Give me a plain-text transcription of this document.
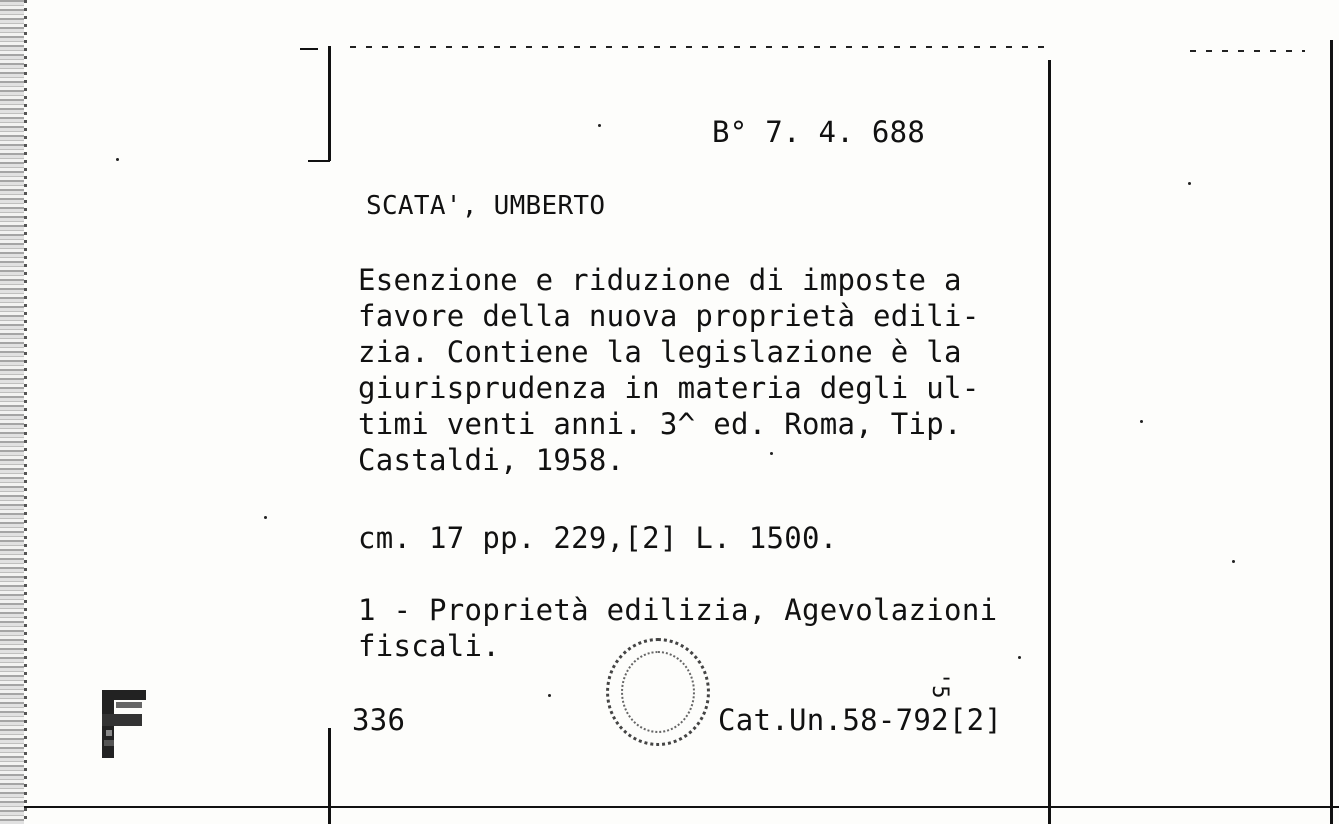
B° 7. 4. 688
SCATA', UMBERTO
Esenzione e riduzione di imposte a
favore della nuova proprietà edili-
zia. Contiene la legislazione è la
giurisprudenza in materia degli ul-
timi venti anni. 3^ ed. Roma, Tip.
Castaldi, 1958.
cm. 17 pp. 229,[2] L. 1500.
1 - Proprietà edilizia, Agevolazioni
fiscali.
336	Cat.Un.58-792[2]
'5
